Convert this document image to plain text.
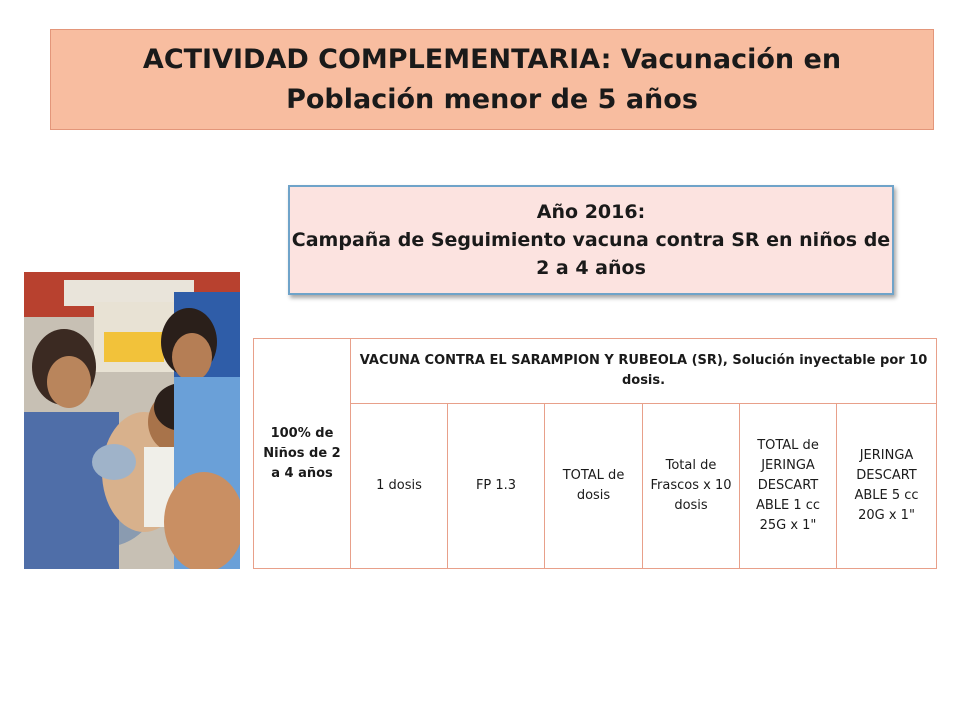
ACTIVIDAD COMPLEMENTARIA: Vacunación en Población menor de 5 años
Año 2016:
Campaña de Seguimiento vacuna contra SR en niños de 2 a 4 años
100% de Niños de 2 a 4 años	VACUNA CONTRA EL SARAMPION Y RUBEOLA (SR), Solución inyectable por 10 dosis.					
	1 dosis	FP 1.3	TOTAL de dosis	Total de Frascos x 10 dosis	TOTAL de JERINGA DESCART ABLE 1 cc 25G x 1"	JERINGA DESCART ABLE 5 cc 20G x 1"
